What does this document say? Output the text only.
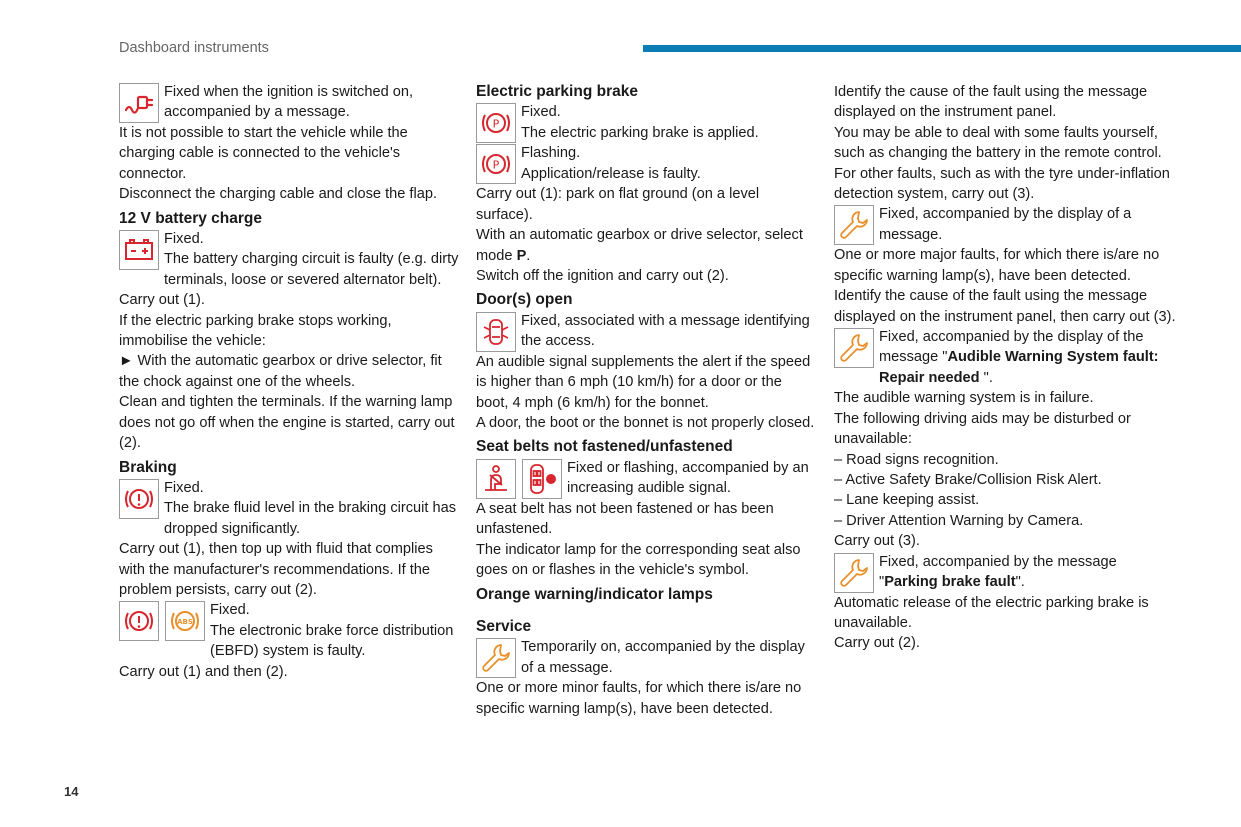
Dashboard instruments

Fixed when the ignition is switched on, accompanied by a message.

It is not possible to start the vehicle while the charging cable is connected to the vehicle's connector.

Disconnect the charging cable and close the flap.

12 V battery charge

Fixed.

The battery charging circuit is faulty (e.g. dirty terminals, loose or severed alternator belt).

Carry out (1).

If the electric parking brake stops working, immobilise the vehicle:

► With the automatic gearbox or drive selector, fit the chock against one of the wheels.

Clean and tighten the terminals. If the warning lamp does not go off when the engine is started, carry out (2).

Braking

Fixed.

The brake fluid level in the braking circuit has dropped significantly.

Carry out (1), then top up with fluid that complies with the manufacturer's recommendations. If the problem persists, carry out (2).

ABS

Fixed.

The electronic brake force distribution (EBFD) system is faulty.

Carry out (1) and then (2).

Electric parking brake

P

Fixed.

The electric parking brake is applied.

P

Flashing.

Application/release is faulty.

Carry out (1): park on flat ground (on a level surface).

With an automatic gearbox or drive selector, select mode P.

Switch off the ignition and carry out (2).

Door(s) open

Fixed, associated with a message identifying the access.

An audible signal supplements the alert if the speed is higher than 6 mph (10 km/h) for a door or the boot, 4 mph (6 km/h) for the bonnet.

A door, the boot or the bonnet is not properly closed.

Seat belts not fastened/unfastened

Fixed or flashing, accompanied by an increasing audible signal.

A seat belt has not been fastened or has been unfastened.

The indicator lamp for the corresponding seat also goes on or flashes in the vehicle's symbol.

Orange warning/indicator lamps

Service

Temporarily on, accompanied by the display of a message.

One or more minor faults, for which there is/are no specific warning lamp(s), have been detected.

Identify the cause of the fault using the message displayed on the instrument panel.

You may be able to deal with some faults yourself, such as changing the battery in the remote control.

For other faults, such as with the tyre under-inflation detection system, carry out (3).

Fixed, accompanied by the display of a message.

One or more major faults, for which there is/are no specific warning lamp(s), have been detected. Identify the cause of the fault using the message displayed on the instrument panel, then carry out (3).

Fixed, accompanied by the display of the message "Audible Warning System fault: Repair needed ".

The audible warning system is in failure.

The following driving aids may be disturbed or unavailable:

– Road signs recognition.

– Active Safety Brake/Collision Risk Alert.

– Lane keeping assist.

– Driver Attention Warning by Camera.

Carry out (3).

Fixed, accompanied by the message "Parking brake fault".

Automatic release of the electric parking brake is unavailable.

Carry out (2).

14
